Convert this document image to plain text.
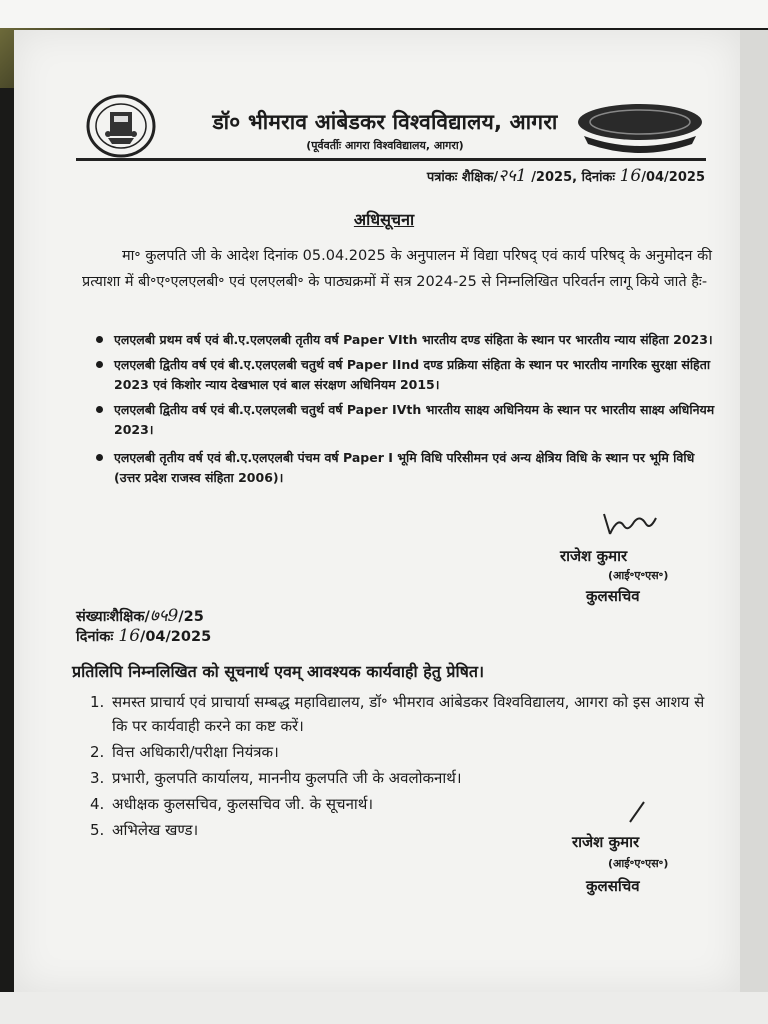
डॉ० भीमराव आंबेडकर विश्वविद्यालय, आगरा
(पूर्ववर्तीः आगरा विश्वविद्यालय, आगरा)
पत्रांकः शैक्षिक/२५1 /2025, दिनांकः 16/04/2025
अधिसूचना
मा॰ कुलपति जी के आदेश दिनांक 05.04.2025 के अनुपालन में विद्या परिषद् एवं कार्य परिषद् के अनुमोदन की प्रत्याशा में बी॰ए॰एलएलबी॰ एवं एलएलबी॰ के पाठ्यक्रमों में सत्र 2024-25 से निम्नलिखित परिवर्तन लागू किये जाते हैः-
एलएलबी प्रथम वर्ष एवं बी.ए.एलएलबी तृतीय वर्ष Paper VIth भारतीय दण्ड संहिता के स्थान पर भारतीय न्याय संहिता 2023।
एलएलबी द्वितीय वर्ष एवं बी.ए.एलएलबी चतुर्थ वर्ष Paper IInd दण्ड प्रक्रिया संहिता के स्थान पर भारतीय नागरिक सुरक्षा संहिता 2023 एवं किशोर न्याय देखभाल एवं बाल संरक्षण अधिनियम 2015।
एलएलबी द्वितीय वर्ष एवं बी.ए.एलएलबी चतुर्थ वर्ष Paper IVth भारतीय साक्ष्य अधिनियम के स्थान पर भारतीय साक्ष्य अधिनियम 2023।
एलएलबी तृतीय वर्ष एवं बी.ए.एलएलबी पंचम वर्ष Paper I भूमि विधि परिसीमन एवं अन्य क्षेत्रिय विधि के स्थान पर भूमि विधि (उत्तर प्रदेश राजस्व संहिता 2006)।
राजेश कुमार
(आई॰ए॰एस॰)
कुलसचिव
संख्याःशैक्षिक/७५9/25
दिनांकः 16/04/2025
प्रतिलिपि निम्नलिखित को सूचनार्थ एवम् आवश्यक कार्यवाही हेतु प्रेषित।
1. समस्त प्राचार्य एवं प्राचार्या सम्बद्ध महाविद्यालय, डॉ॰ भीमराव आंबेडकर विश्वविद्यालय, आगरा को इस आशय से कि पर कार्यवाही करने का कष्ट करें।
2. वित्त अधिकारी/परीक्षा नियंत्रक।
3. प्रभारी, कुलपति कार्यालय, माननीय कुलपति जी के अवलोकनार्थ।
4. अधीक्षक कुलसचिव, कुलसचिव जी. के सूचनार्थ।
5. अभिलेख खण्ड।
राजेश कुमार
(आई॰ए॰एस॰)
कुलसचिव
